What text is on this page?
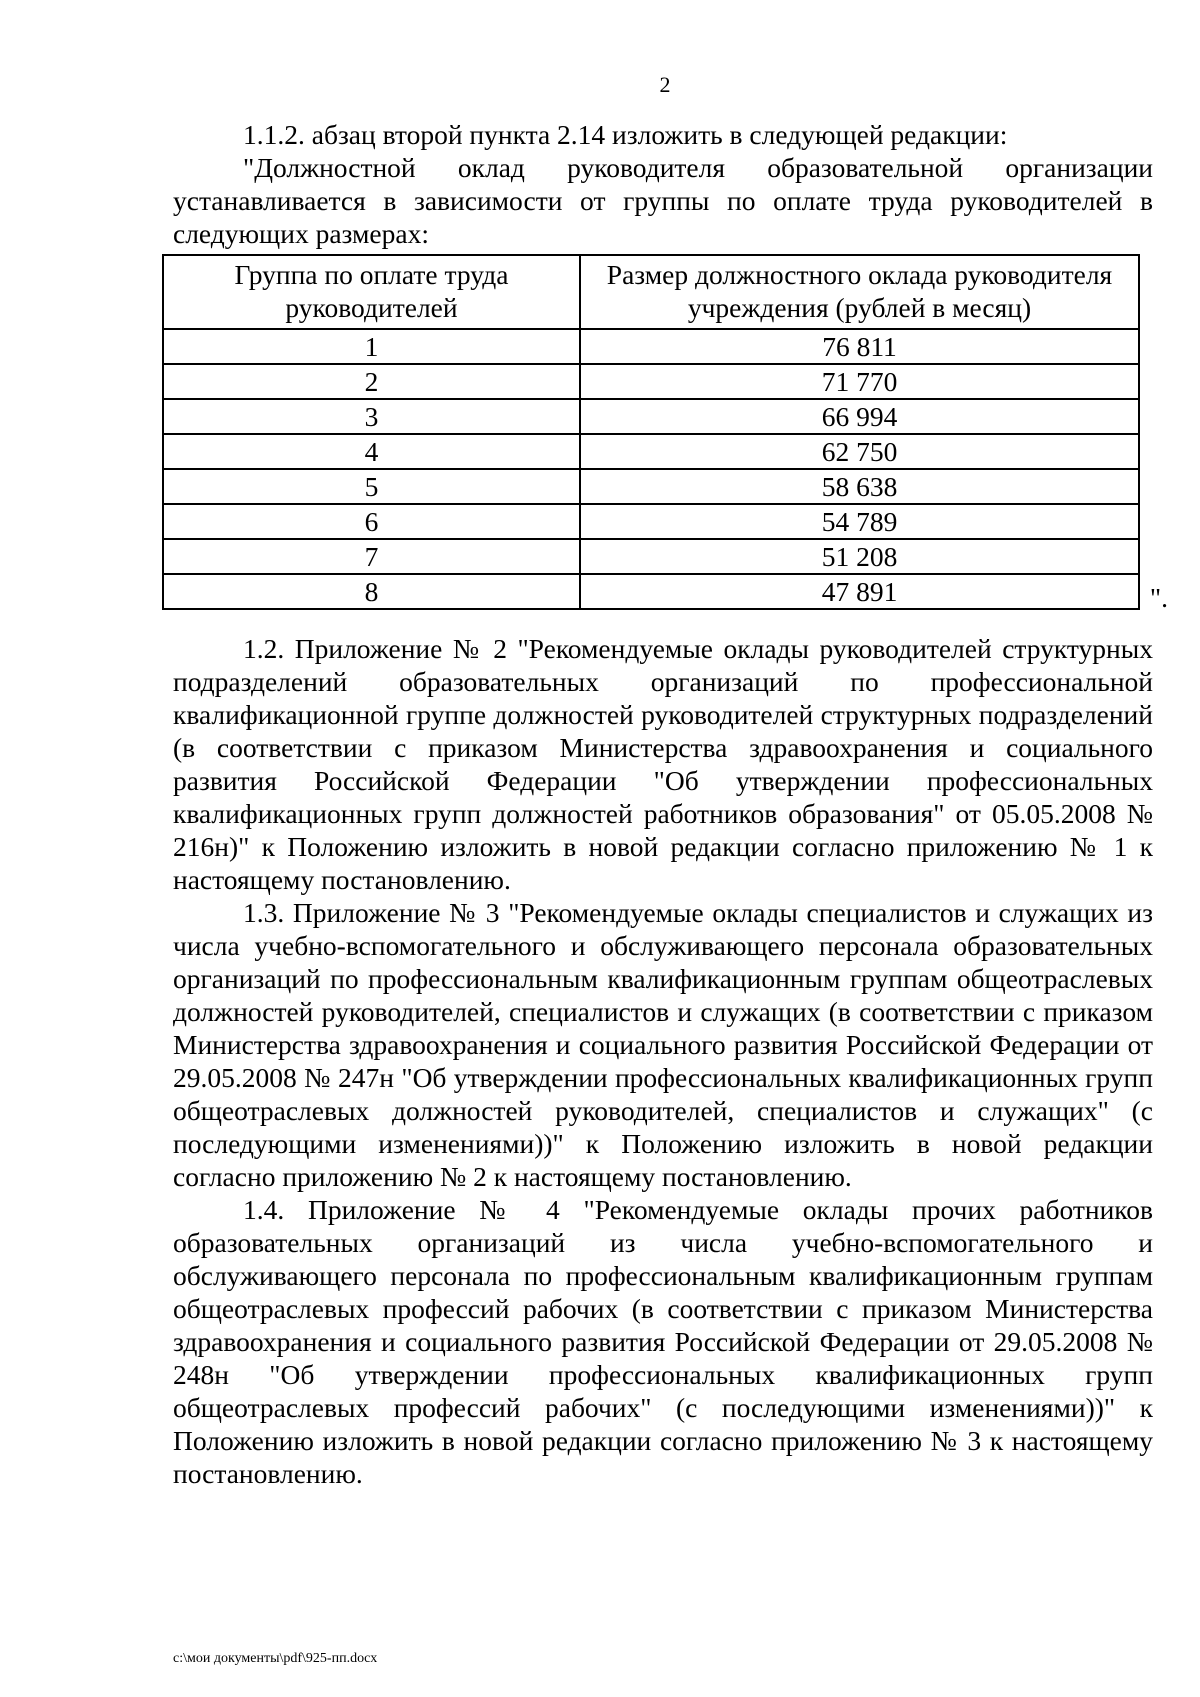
2

1.1.2. абзац второй пункта 2.14 изложить в следующей редакции:

"Должностной оклад руководителя образовательной организации устанавливается в зависимости от группы по оплате труда руководителей в следующих размерах:

Группа по оплате труда руководителей	Размер должностного оклада руководителя учреждения (рублей в месяц)
1	76 811
2	71 770
3	66 994
4	62 750
5	58 638
6	54 789
7	51 208
8	47 891	".

1.2. Приложение № 2 "Рекомендуемые оклады руководителей структурных подразделений образовательных организаций по профессиональной квалификационной группе должностей руководителей структурных подразделений (в соответствии с приказом Министерства здравоохранения и социального развития Российской Федерации "Об утверждении профессиональных квалификационных групп должностей работников образования" от 05.05.2008 № 216н)" к Положению изложить в новой редакции согласно приложению № 1 к настоящему постановлению.

1.3. Приложение № 3 "Рекомендуемые оклады специалистов и служащих из числа учебно-вспомогательного и обслуживающего персонала образовательных организаций по профессиональным квалификационным группам общеотраслевых должностей руководителей, специалистов и служащих (в соответствии с приказом Министерства здравоохранения и социального развития Российской Федерации от 29.05.2008 № 247н "Об утверждении профессиональных квалификационных групп общеотраслевых должностей руководителей, специалистов и служащих" (с последующими изменениями))" к Положению изложить в новой редакции согласно приложению № 2 к настоящему постановлению.

1.4. Приложение № 4 "Рекомендуемые оклады прочих работников образовательных организаций из числа учебно-вспомогательного и обслуживающего персонала по профессиональным квалификационным группам общеотраслевых профессий рабочих (в соответствии с приказом Министерства здравоохранения и социального развития Российской Федерации от 29.05.2008 № 248н "Об утверждении профессиональных квалификационных групп общеотраслевых профессий рабочих" (с последующими изменениями))" к Положению изложить в новой редакции согласно приложению № 3 к настоящему постановлению.

c:\мои документы\pdf\925-пп.docx
